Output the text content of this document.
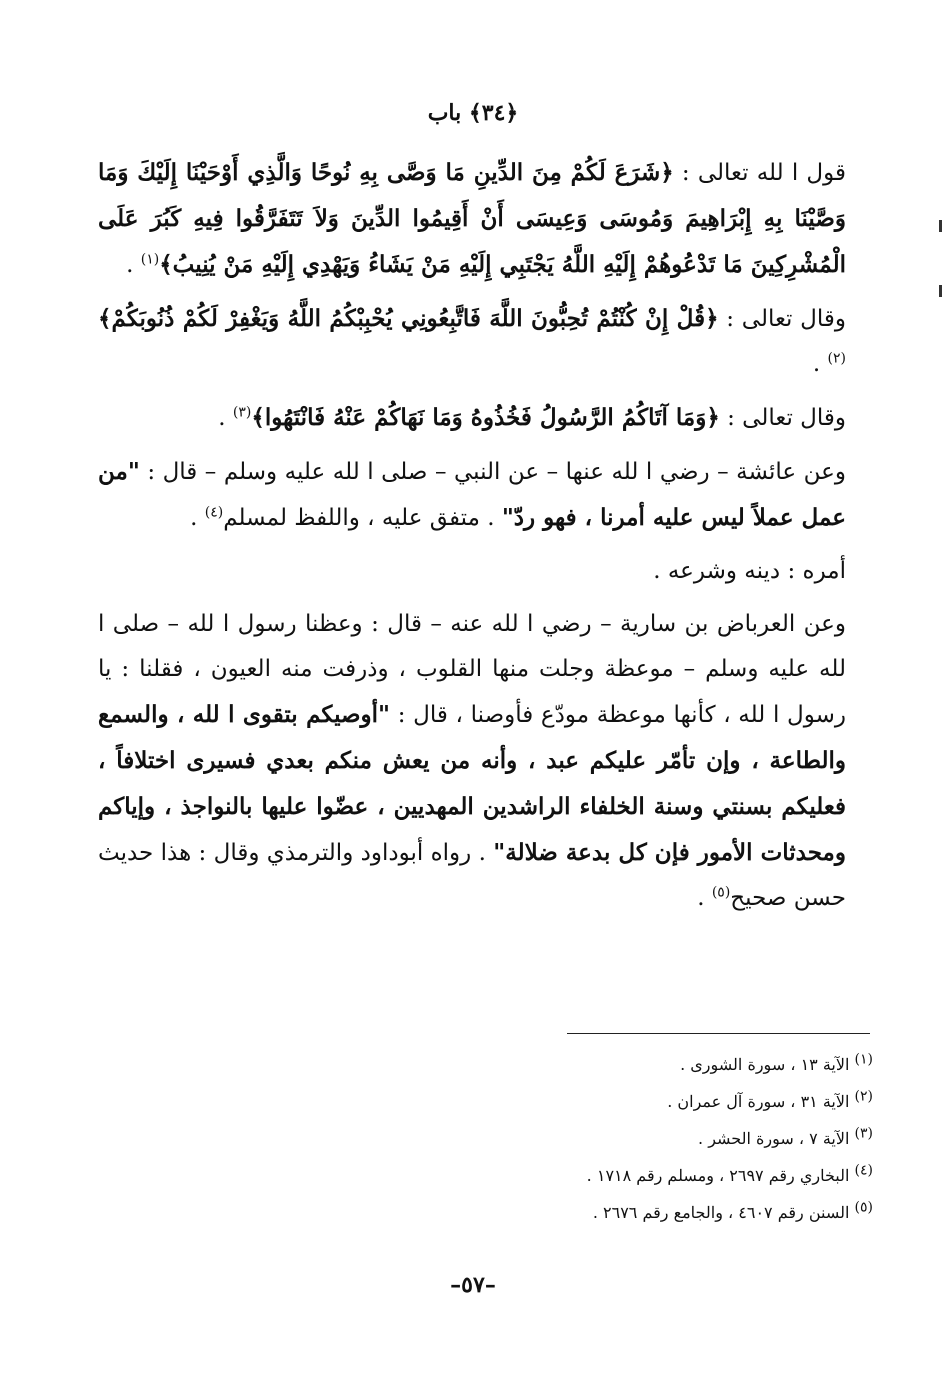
﴿٣٤﴾ باب

قول ا لله تعالى : ﴿شَرَعَ لَكُمْ مِنَ الدِّينِ مَا وَصَّى بِهِ نُوحًا وَالَّذِي أَوْحَيْنَا إِلَيْكَ وَمَا وَصَّيْنَا بِهِ إِبْرَاهِيمَ وَمُوسَى وَعِيسَى أَنْ أَقِيمُوا الدِّينَ وَلاَ تَتَفَرَّقُوا فِيهِ كَبُرَ عَلَى الْمُشْرِكِينَ مَا تَدْعُوهُمْ إِلَيْهِ اللَّهُ يَجْتَبِي إِلَيْهِ مَنْ يَشَاءُ وَيَهْدِي إِلَيْهِ مَنْ يُنِيبُ﴾$^{(١)}$ .

وقال تعالى : ﴿قُلْ إِنْ كُنْتُمْ تُحِبُّونَ اللَّهَ فَاتَّبِعُونِي يُحْبِبْكُمُ اللَّهُ وَيَغْفِرْ لَكُمْ ذُنُوبَكُمْ﴾$^{(٢)}$ .

وقال تعالى : ﴿وَمَا آتَاكُمُ الرَّسُولُ فَخُذُوهُ وَمَا نَهَاكُمْ عَنْهُ فَانْتَهُوا﴾$^{(٣)}$ .

وعن عائشة – رضي ا لله عنها – عن النبي – صلى ا لله عليه وسلم – قال : "من عمل عملاً ليس عليه أمرنا ، فهو ردّ" . متفق عليه ، واللفظ لمسلم$^{(٤)}$ .

أمره : دينه وشرعه .

وعن العرباض بن سارية – رضي ا لله عنه – قال : وعظنا رسول ا لله – صلى ا لله عليه وسلم – موعظة وجلت منها القلوب ، وذرفت منه العيون ، فقلنا : يا رسول ا لله ، كأنها موعظة مودّع فأوصنا ، قال : "أوصيكم بتقوى ا لله ، والسمع والطاعة ، وإن تأمّر عليكم عبد ، وأنه من يعش منكم بعدي فسيرى اختلافاً ، فعليكم بسنتي وسنة الخلفاء الراشدين المهديين ، عضّوا عليها بالنواجذ ، وإياكم ومحدثات الأمور فإن كل بدعة ضلالة" . رواه أبوداود والترمذي وقال : هذا حديث حسن صحيح$^{(٥)}$ .

(١) الآية ١٣ ، سورة الشورى .
(٢) الآية ٣١ ، سورة آل عمران .
(٣) الآية ٧ ، سورة الحشر .
(٤) البخاري رقم ٢٦٩٧ ، ومسلم رقم ١٧١٨ .
(٥) السنن رقم ٤٦٠٧ ، والجامع رقم ٢٦٧٦ .
–٥٧–
